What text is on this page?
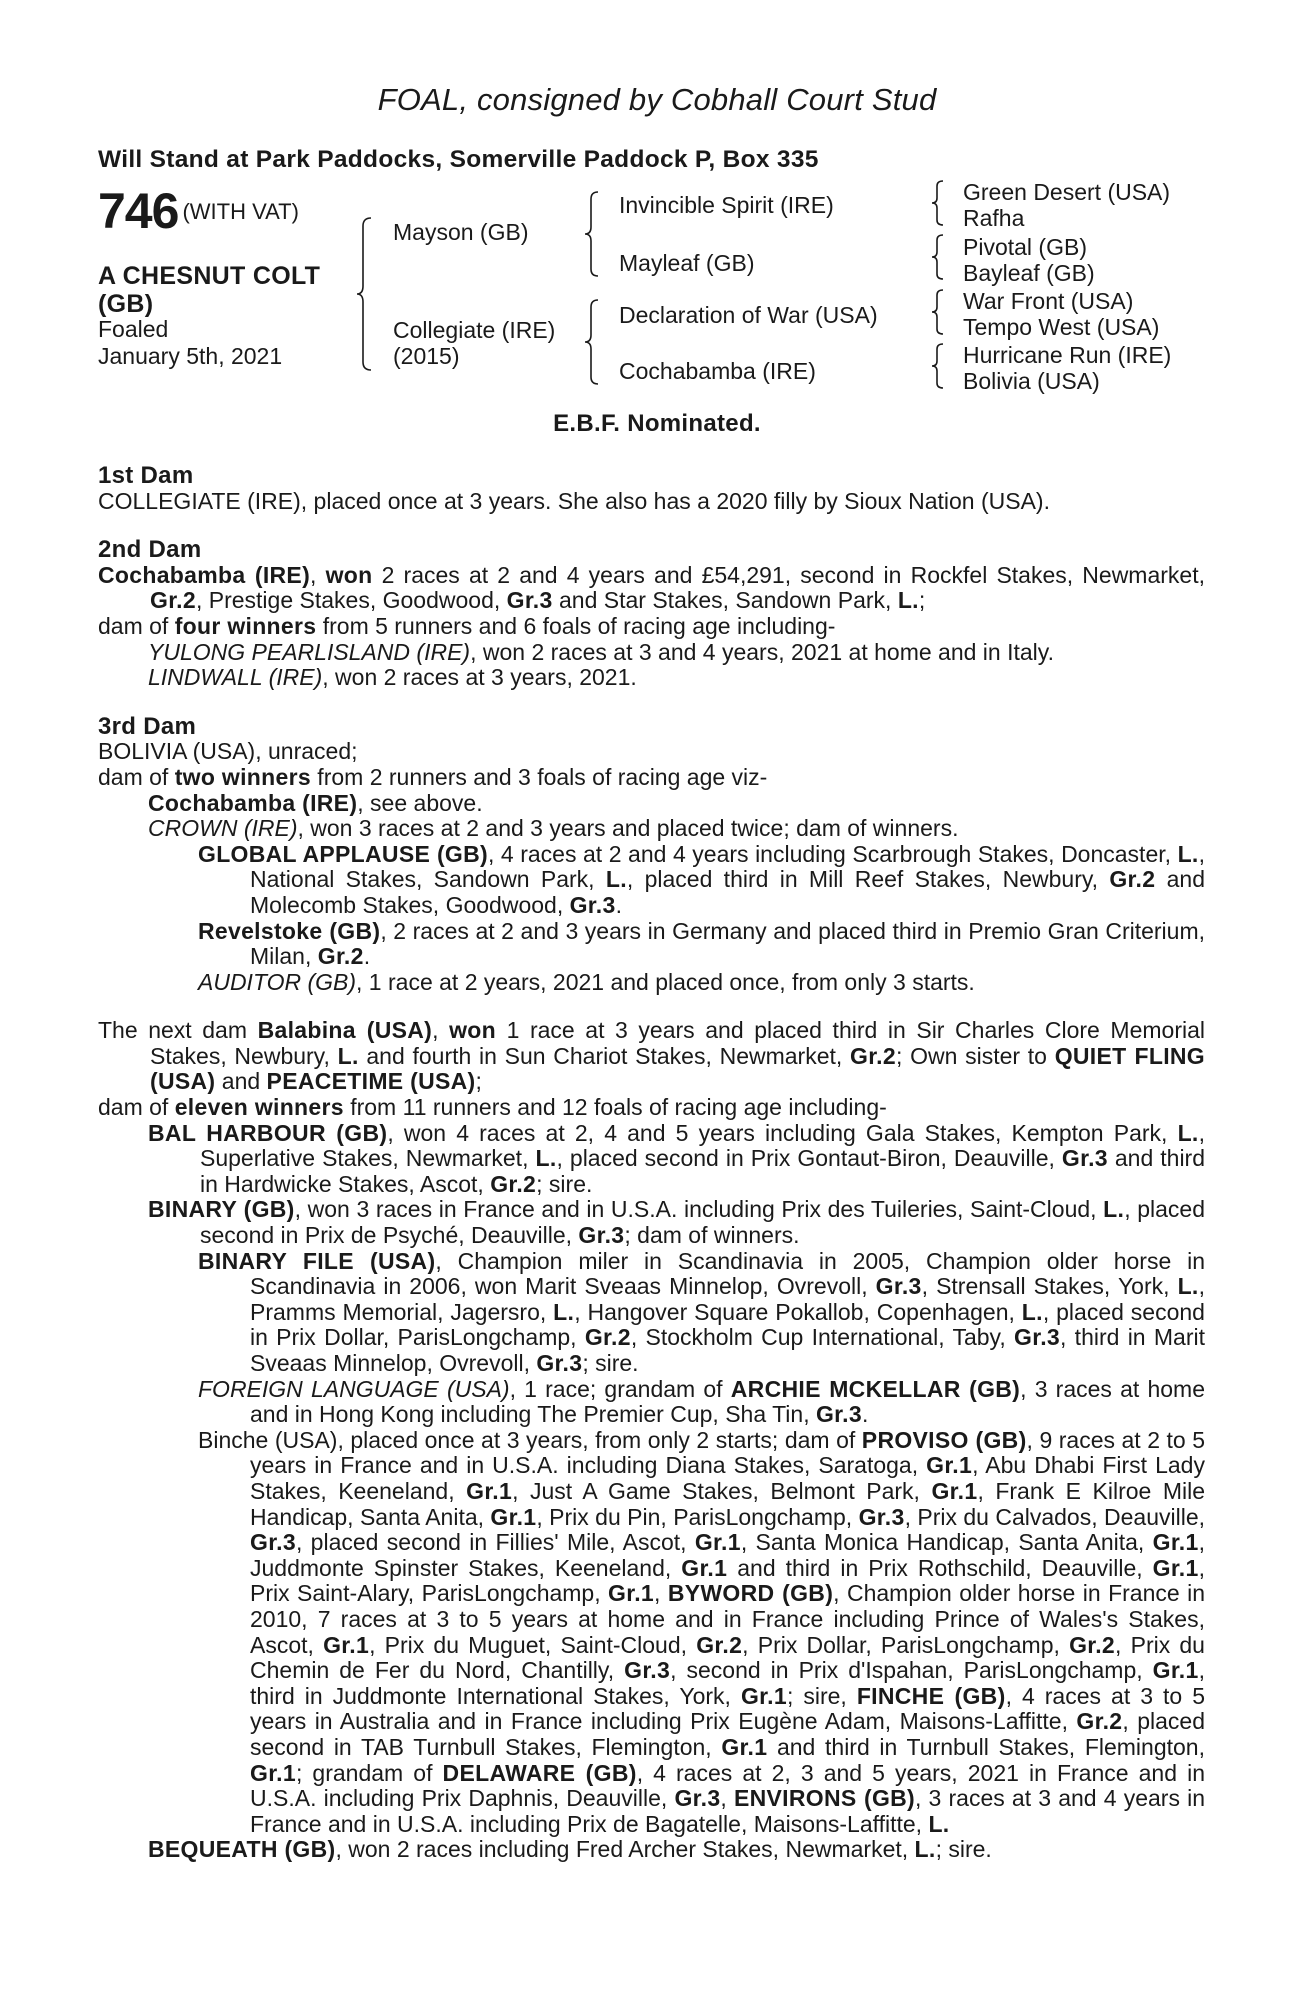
FOAL, consigned by Cobhall Court Stud
Will Stand at Park Paddocks, Somerville Paddock P, Box 335
746 (WITH VAT)
A CHESNUT COLT
(GB)
Foaled
January 5th, 2021
Mayson (GB)
Collegiate (IRE)
(2015)
Invincible Spirit (IRE)
Mayleaf (GB)
Declaration of War (USA)
Cochabamba (IRE)
Green Desert (USA)
Rafha
Pivotal (GB)
Bayleaf (GB)
War Front (USA)
Tempo West (USA)
Hurricane Run (IRE)
Bolivia (USA)
E.B.F. Nominated.
1st Dam

COLLEGIATE (IRE), placed once at 3 years. She also has a 2020 filly by Sioux Nation (USA).

2nd Dam

Cochabamba (IRE), won 2 races at 2 and 4 years and £54,291, second in Rockfel Stakes, Newmarket, Gr.2, Prestige Stakes, Goodwood, Gr.3 and Star Stakes, Sandown Park, L.;

dam of four winners from 5 runners and 6 foals of racing age including-

YULONG PEARLISLAND (IRE), won 2 races at 3 and 4 years, 2021 at home and in Italy.

LINDWALL (IRE), won 2 races at 3 years, 2021.

3rd Dam

BOLIVIA (USA), unraced;

dam of two winners from 2 runners and 3 foals of racing age viz-

Cochabamba (IRE), see above.

CROWN (IRE), won 3 races at 2 and 3 years and placed twice; dam of winners.

GLOBAL APPLAUSE (GB), 4 races at 2 and 4 years including Scarbrough Stakes, Doncaster, L., National Stakes, Sandown Park, L., placed third in Mill Reef Stakes, Newbury, Gr.2 and Molecomb Stakes, Goodwood, Gr.3.

Revelstoke (GB), 2 races at 2 and 3 years in Germany and placed third in Premio Gran Criterium, Milan, Gr.2.

AUDITOR (GB), 1 race at 2 years, 2021 and placed once, from only 3 starts.

The next dam Balabina (USA), won 1 race at 3 years and placed third in Sir Charles Clore Memorial Stakes, Newbury, L. and fourth in Sun Chariot Stakes, Newmarket, Gr.2; Own sister to QUIET FLING (USA) and PEACETIME (USA);

dam of eleven winners from 11 runners and 12 foals of racing age including-

BAL HARBOUR (GB), won 4 races at 2, 4 and 5 years including Gala Stakes, Kempton Park, L., Superlative Stakes, Newmarket, L., placed second in Prix Gontaut-Biron, Deauville, Gr.3 and third in Hardwicke Stakes, Ascot, Gr.2; sire.

BINARY (GB), won 3 races in France and in U.S.A. including Prix des Tuileries, Saint-Cloud, L., placed second in Prix de Psyché, Deauville, Gr.3; dam of winners.

BINARY FILE (USA), Champion miler in Scandinavia in 2005, Champion older horse in Scandinavia in 2006, won Marit Sveaas Minnelop, Ovrevoll, Gr.3, Strensall Stakes, York, L., Pramms Memorial, Jagersro, L., Hangover Square Pokallob, Copenhagen, L., placed second in Prix Dollar, ParisLongchamp, Gr.2, Stockholm Cup International, Taby, Gr.3, third in Marit Sveaas Minnelop, Ovrevoll, Gr.3; sire.

FOREIGN LANGUAGE (USA), 1 race; grandam of ARCHIE MCKELLAR (GB), 3 races at home and in Hong Kong including The Premier Cup, Sha Tin, Gr.3.

Binche (USA), placed once at 3 years, from only 2 starts; dam of PROVISO (GB), 9 races at 2 to 5 years in France and in U.S.A. including Diana Stakes, Saratoga, Gr.1, Abu Dhabi First Lady Stakes, Keeneland, Gr.1, Just A Game Stakes, Belmont Park, Gr.1, Frank E Kilroe Mile Handicap, Santa Anita, Gr.1, Prix du Pin, ParisLongchamp, Gr.3, Prix du Calvados, Deauville, Gr.3, placed second in Fillies' Mile, Ascot, Gr.1, Santa Monica Handicap, Santa Anita, Gr.1, Juddmonte Spinster Stakes, Keeneland, Gr.1 and third in Prix Rothschild, Deauville, Gr.1, Prix Saint-Alary, ParisLongchamp, Gr.1, BYWORD (GB), Champion older horse in France in 2010, 7 races at 3 to 5 years at home and in France including Prince of Wales's Stakes, Ascot, Gr.1, Prix du Muguet, Saint-Cloud, Gr.2, Prix Dollar, ParisLongchamp, Gr.2, Prix du Chemin de Fer du Nord, Chantilly, Gr.3, second in Prix d'Ispahan, ParisLongchamp, Gr.1, third in Juddmonte International Stakes, York, Gr.1; sire, FINCHE (GB), 4 races at 3 to 5 years in Australia and in France including Prix Eugène Adam, Maisons-Laffitte, Gr.2, placed second in TAB Turnbull Stakes, Flemington, Gr.1 and third in Turnbull Stakes, Flemington, Gr.1; grandam of DELAWARE (GB), 4 races at 2, 3 and 5 years, 2021 in France and in U.S.A. including Prix Daphnis, Deauville, Gr.3, ENVIRONS (GB), 3 races at 3 and 4 years in France and in U.S.A. including Prix de Bagatelle, Maisons-Laffitte, L.

BEQUEATH (GB), won 2 races including Fred Archer Stakes, Newmarket, L.; sire.
